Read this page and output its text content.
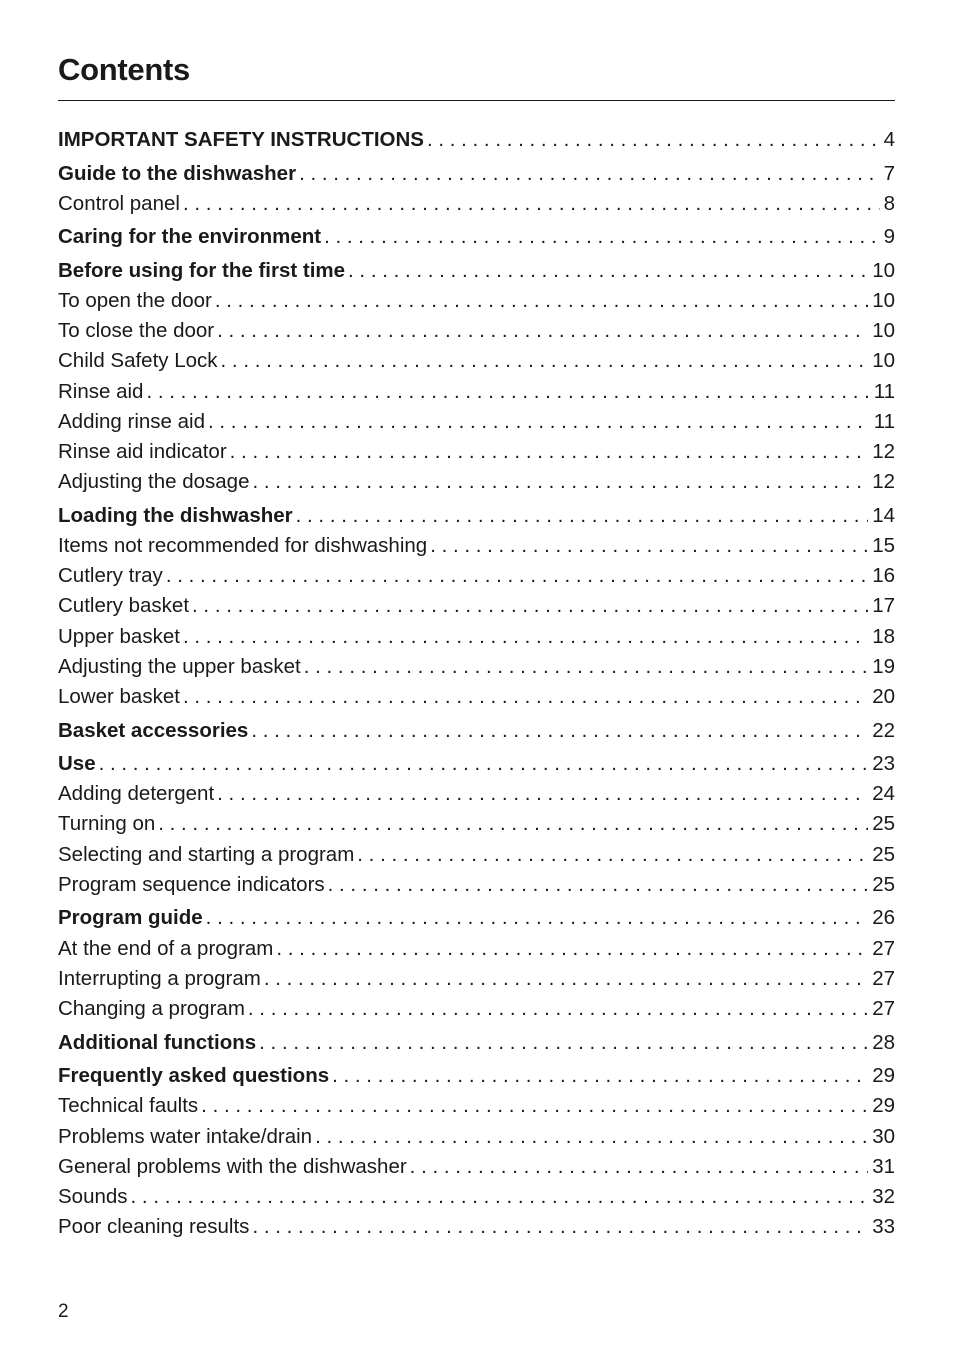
Contents
IMPORTANT SAFETY INSTRUCTIONS . . .	4
Guide to the dishwasher . . .	7
Control panel . . .	8
Caring for the environment . . .	9
Before using for the first time . . .	10
To open the door . . .	10
To close the door . . .	10
Child Safety Lock . . .	10
Rinse aid . . .	11
Adding rinse aid . . .	11
Rinse aid indicator . . .	12
Adjusting the dosage . . .	12
Loading the dishwasher . . .	14
Items not recommended for dishwashing . . .	15
Cutlery tray . . .	16
Cutlery basket . . .	17
Upper basket . . .	18
Adjusting the upper basket . . .	19
Lower basket . . .	20
Basket accessories . . .	22
Use . . .	23
Adding detergent . . .	24
Turning on . . .	25
Selecting and starting a program . . .	25
Program sequence indicators . . .	25
Program guide . . .	26
At the end of a program . . .	27
Interrupting a program . . .	27
Changing a program . . .	27
Additional functions . . .	28
Frequently asked questions . . .	29
Technical faults . . .	29
Problems water intake/drain . . .	30
General problems with the dishwasher . . .	31
Sounds . . .	32
Poor cleaning results . . .	33
2
